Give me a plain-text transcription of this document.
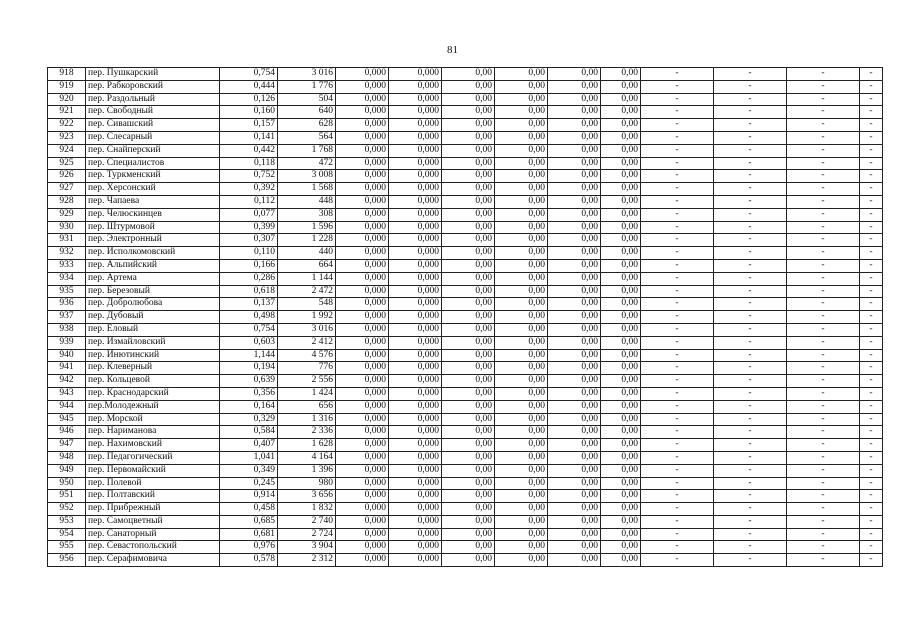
81
918	пер. Пушкарский	0,754	3 016	0,000	0,000	0,00	0,00	0,00	0,00	-	-	-	-
919	пер. Рабкоровский	0,444	1 776	0,000	0,000	0,00	0,00	0,00	0,00	-	-	-	-
920	пер. Раздольный	0,126	504	0,000	0,000	0,00	0,00	0,00	0,00	-	-	-	-
921	пер. Свободный	0,160	640	0,000	0,000	0,00	0,00	0,00	0,00	-	-	-	-
922	пер. Сивашский	0,157	628	0,000	0,000	0,00	0,00	0,00	0,00	-	-	-	-
923	пер. Слесарный	0,141	564	0,000	0,000	0,00	0,00	0,00	0,00	-	-	-	-
924	пер. Снайперский	0,442	1 768	0,000	0,000	0,00	0,00	0,00	0,00	-	-	-	-
925	пер. Специалистов	0,118	472	0,000	0,000	0,00	0,00	0,00	0,00	-	-	-	-
926	пер. Туркменский	0,752	3 008	0,000	0,000	0,00	0,00	0,00	0,00	-	-	-	-
927	пер. Херсонский	0,392	1 568	0,000	0,000	0,00	0,00	0,00	0,00	-	-	-	-
928	пер. Чапаева	0,112	448	0,000	0,000	0,00	0,00	0,00	0,00	-	-	-	-
929	пер. Челюскинцев	0,077	308	0,000	0,000	0,00	0,00	0,00	0,00	-	-	-	-
930	пер. Штурмовой	0,399	1 596	0,000	0,000	0,00	0,00	0,00	0,00	-	-	-	-
931	пер. Электронный	0,307	1 228	0,000	0,000	0,00	0,00	0,00	0,00	-	-	-	-
932	пер. Исполкомовский	0,110	440	0,000	0,000	0,00	0,00	0,00	0,00	-	-	-	-
933	пер. Альпийский	0,166	664	0,000	0,000	0,00	0,00	0,00	0,00	-	-	-	-
934	пер. Артема	0,286	1 144	0,000	0,000	0,00	0,00	0,00	0,00	-	-	-	-
935	пер. Березовый	0,618	2 472	0,000	0,000	0,00	0,00	0,00	0,00	-	-	-	-
936	пер. Добролюбова	0,137	548	0,000	0,000	0,00	0,00	0,00	0,00	-	-	-	-
937	пер. Дубовый	0,498	1 992	0,000	0,000	0,00	0,00	0,00	0,00	-	-	-	-
938	пер. Еловый	0,754	3 016	0,000	0,000	0,00	0,00	0,00	0,00	-	-	-	-
939	пер. Измайловский	0,603	2 412	0,000	0,000	0,00	0,00	0,00	0,00	-	-	-	-
940	пер. Инютинский	1,144	4 576	0,000	0,000	0,00	0,00	0,00	0,00	-	-	-	-
941	пер. Клеверный	0,194	776	0,000	0,000	0,00	0,00	0,00	0,00	-	-	-	-
942	пер. Кольцевой	0,639	2 556	0,000	0,000	0,00	0,00	0,00	0,00	-	-	-	-
943	пер. Краснодарский	0,356	1 424	0,000	0,000	0,00	0,00	0,00	0,00	-	-	-	-
944	пер.Молодежный	0,164	656	0,000	0,000	0,00	0,00	0,00	0,00	-	-	-	-
945	пер. Морской	0,329	1 316	0,000	0,000	0,00	0,00	0,00	0,00	-	-	-	-
946	пер. Нариманова	0,584	2 336	0,000	0,000	0,00	0,00	0,00	0,00	-	-	-	-
947	пер. Нахимовский	0,407	1 628	0,000	0,000	0,00	0,00	0,00	0,00	-	-	-	-
948	пер. Педагогический	1,041	4 164	0,000	0,000	0,00	0,00	0,00	0,00	-	-	-	-
949	пер. Первомайский	0,349	1 396	0,000	0,000	0,00	0,00	0,00	0,00	-	-	-	-
950	пер. Полевой	0,245	980	0,000	0,000	0,00	0,00	0,00	0,00	-	-	-	-
951	пер. Полтавский	0,914	3 656	0,000	0,000	0,00	0,00	0,00	0,00	-	-	-	-
952	пер. Прибрежный	0,458	1 832	0,000	0,000	0,00	0,00	0,00	0,00	-	-	-	-
953	пер. Самоцветный	0,685	2 740	0,000	0,000	0,00	0,00	0,00	0,00	-	-	-	-
954	пер. Санаторный	0,681	2 724	0,000	0,000	0,00	0,00	0,00	0,00	-	-	-	-
955	пер. Севастопольский	0,976	3 904	0,000	0,000	0,00	0,00	0,00	0,00	-	-	-	-
956	пер. Серафимовича	0,578	2 312	0,000	0,000	0,00	0,00	0,00	0,00	-	-	-	-
